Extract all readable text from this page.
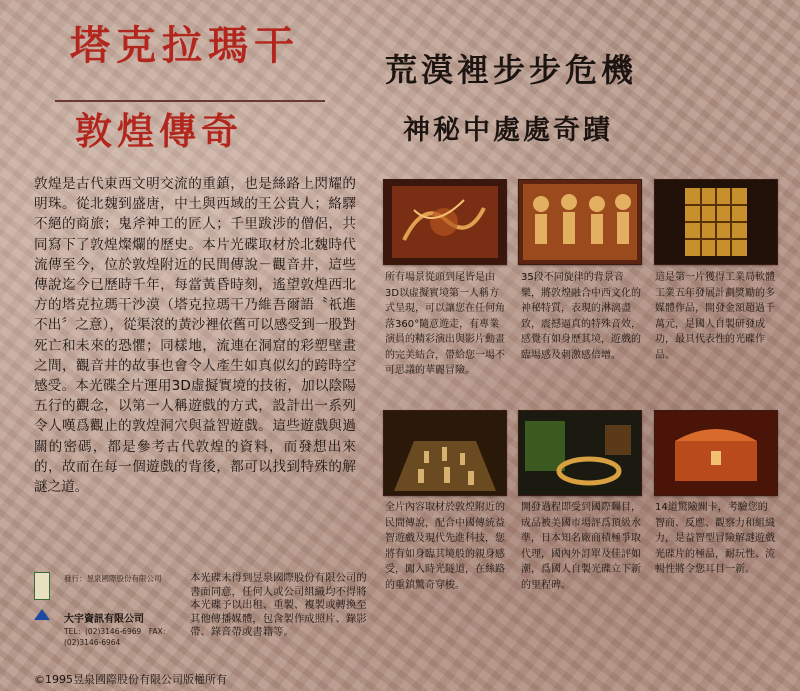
塔克拉瑪干
敦煌傳奇
荒漠裡步步危機
神秘中處處奇蹟

敦煌是古代東西文明交流的重鎮，也是絲路上閃耀的明珠。從北魏到盛唐，中土與西域的王公貴人；絡驛不絕的商旅；鬼斧神工的匠人；千里跋涉的僧侶，共同寫下了敦煌燦爛的歷史。本片光碟取材於北魏時代流傳至今，位於敦煌附近的民間傳說－觀音井，這些傳說迄今已歷時千年，每當黃昏時刻，遙望敦煌西北方的塔克拉瑪干沙漠（塔克拉瑪干乃維吾爾語〝祇進不出〞之意），從渠滾的黃沙裡依舊可以感受到一股對死亡和未來的恐懼；同樣地，流連在洞窟的彩塑壁畫之間，觀音井的故事也會令人產生如真似幻的跨時空感受。本光碟全片運用3D虛擬實境的技術，加以陰陽五行的觀念，以第一人稱遊戲的方式，設計出一系列令人嘆爲觀止的敦煌洞穴與益智遊戲。這些遊戲與過關的密碼，都是參考古代敦煌的資料，而發想出來的，故而在每一個遊戲的背後，都可以找到特殊的解謎之道。

所有場景從頭到尾皆是由3D以虛擬實境第一人稱方式呈現，可以讓您在任何角落360°隨意遊走，有專業演員的精彩演出與影片動畫的完美結合，帶給您一場不可思議的華麗冒險。

35段不同旋律的背景音樂，將敦煌融合中西文化的神秘特質，表現的淋漓盡致，震撼逼真的特殊音效，感覺有如身歷其境，遊戲的臨場感及刺激感倍增。

這是第一片獲得工業局軟體工業五年發展計劃獎勵的多媒體作品，開發金額超過千萬元，是國人自製研發成功，最具代表性的光碟作品。

全片內容取材於敦煌附近的民間傳說，配合中國傳統益智遊戲及現代先進科技，您將有如身臨其境般的親身感受，闖入時光隧道，在絲路的重鎮驚奇穿梭。

開發過程即受到國際矚目，成品被美國市場評爲頂級水準，日本知名廠商積極爭取代理，國內外訂單及佳評如潮，爲國人自製光碟立下新的里程碑。

14道驚險關卡，考驗您的智商、反應、觀察力和組織力，是益智型冒險解謎遊戲光碟片的極品，耐玩性、流暢性將令您耳目一新。

發行：昱泉國際股份有限公司
大宇資訊有限公司
TEL：(02)3146-6969　FAX：(02)3146-6964

本光碟未得到昱泉國際股份有限公司的書面同意，任何人或公司組織均不得將本光碟予以出租、重製、複製或轉換至其他傳播媒體，包含製作成照片、錄影帶、錄音帶或書籍等。

©1995昱泉國際股份有限公司版權所有
